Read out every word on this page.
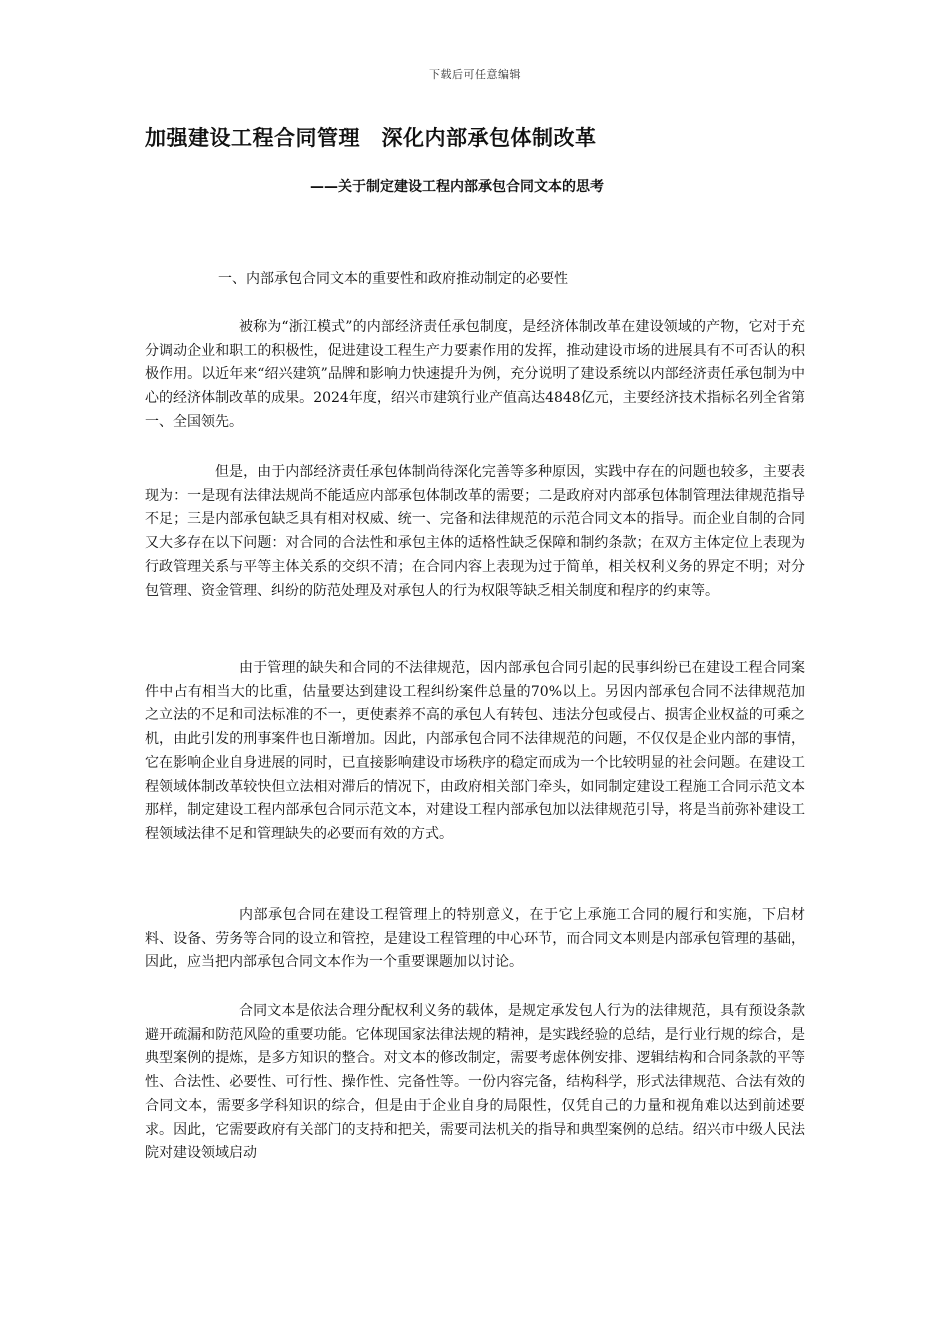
下载后可任意编辑
加强建设工程合同管理　深化内部承包体制改革
——关于制定建设工程内部承包合同文本的思考
一、内部承包合同文本的重要性和政府推动制定的必要性
被称为“浙江模式”的内部经济责任承包制度，是经济体制改革在建设领域的产物，它对于充分调动企业和职工的积极性，促进建设工程生产力要素作用的发挥，推动建设市场的进展具有不可否认的积极作用。以近年来“绍兴建筑”品牌和影响力快速提升为例，充分说明了建设系统以内部经济责任承包制为中心的经济体制改革的成果。2024年度，绍兴市建筑行业产值高达4848亿元，主要经济技术指标名列全省第一、全国领先。
但是，由于内部经济责任承包体制尚待深化完善等多种原因，实践中存在的问题也较多，主要表现为：一是现有法律法规尚不能适应内部承包体制改革的需要；二是政府对内部承包体制管理法律规范指导不足；三是内部承包缺乏具有相对权威、统一、完备和法律规范的示范合同文本的指导。而企业自制的合同又大多存在以下问题：对合同的合法性和承包主体的适格性缺乏保障和制约条款；在双方主体定位上表现为行政管理关系与平等主体关系的交织不清；在合同内容上表现为过于简单，相关权利义务的界定不明；对分包管理、资金管理、纠纷的防范处理及对承包人的行为权限等缺乏相关制度和程序的约束等。
由于管理的缺失和合同的不法律规范，因内部承包合同引起的民事纠纷已在建设工程合同案件中占有相当大的比重，估量要达到建设工程纠纷案件总量的70%以上。另因内部承包合同不法律规范加之立法的不足和司法标准的不一，更使素养不高的承包人有转包、违法分包或侵占、损害企业权益的可乘之机，由此引发的刑事案件也日渐增加。因此，内部承包合同不法律规范的问题，不仅仅是企业内部的事情，它在影响企业自身进展的同时，已直接影响建设市场秩序的稳定而成为一个比较明显的社会问题。在建设工程领域体制改革较快但立法相对滞后的情况下，由政府相关部门牵头，如同制定建设工程施工合同示范文本那样，制定建设工程内部承包合同示范文本，对建设工程内部承包加以法律规范引导，将是当前弥补建设工程领域法律不足和管理缺失的必要而有效的方式。
内部承包合同在建设工程管理上的特别意义，在于它上承施工合同的履行和实施，下启材料、设备、劳务等合同的设立和管控，是建设工程管理的中心环节，而合同文本则是内部承包管理的基础，因此，应当把内部承包合同文本作为一个重要课题加以讨论。
合同文本是依法合理分配权利义务的载体，是规定承发包人行为的法律规范，具有预设条款避开疏漏和防范风险的重要功能。它体现国家法律法规的精神，是实践经验的总结，是行业行规的综合，是典型案例的提炼，是多方知识的整合。对文本的修改制定，需要考虑体例安排、逻辑结构和合同条款的平等性、合法性、必要性、可行性、操作性、完备性等。一份内容完备，结构科学，形式法律规范、合法有效的合同文本，需要多学科知识的综合，但是由于企业自身的局限性，仅凭自己的力量和视角难以达到前述要求。因此，它需要政府有关部门的支持和把关，需要司法机关的指导和典型案例的总结。绍兴市中级人民法院对建设领域启动
